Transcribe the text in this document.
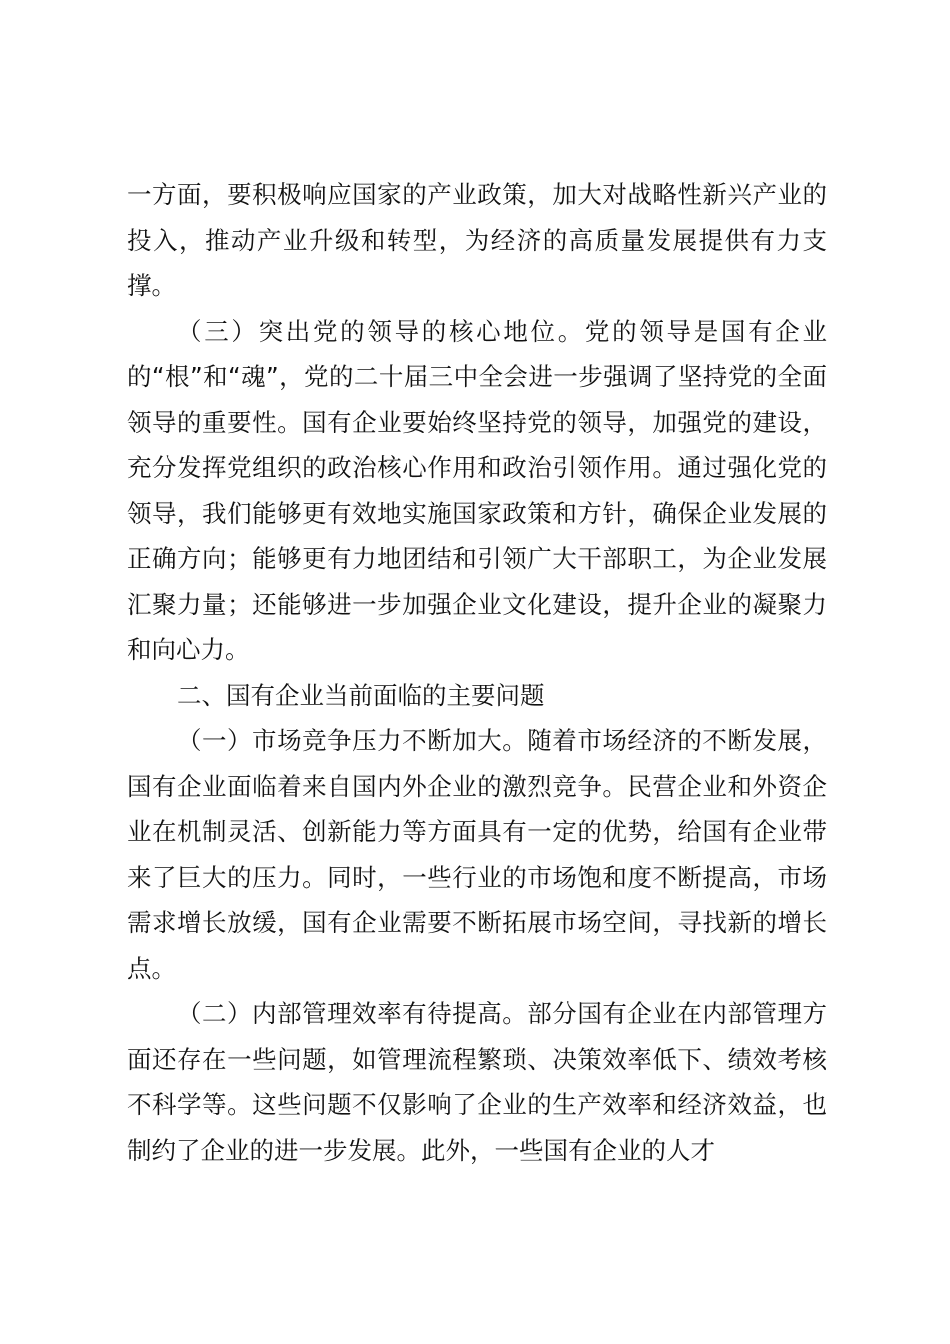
一方面，要积极响应国家的产业政策，加大对战略性新兴产业的投入，推动产业升级和转型，为经济的高质量发展提供有力支撑。

（三）突出党的领导的核心地位。党的领导是国有企业的“根”和“魂”，党的二十届三中全会进一步强调了坚持党的全面领导的重要性。国有企业要始终坚持党的领导，加强党的建设，充分发挥党组织的政治核心作用和政治引领作用。通过强化党的领导，我们能够更有效地实施国家政策和方针，确保企业发展的正确方向；能够更有力地团结和引领广大干部职工，为企业发展汇聚力量；还能够进一步加强企业文化建设，提升企业的凝聚力和向心力。

二、国有企业当前面临的主要问题

（一）市场竞争压力不断加大。随着市场经济的不断发展，国有企业面临着来自国内外企业的激烈竞争。民营企业和外资企业在机制灵活、创新能力等方面具有一定的优势，给国有企业带来了巨大的压力。同时，一些行业的市场饱和度不断提高，市场需求增长放缓，国有企业需要不断拓展市场空间，寻找新的增长点。

（二）内部管理效率有待提高。部分国有企业在内部管理方面还存在一些问题，如管理流程繁琐、决策效率低下、绩效考核不科学等。这些问题不仅影响了企业的生产效率和经济效益，也制约了企业的进一步发展。此外，一些国有企业的人才
